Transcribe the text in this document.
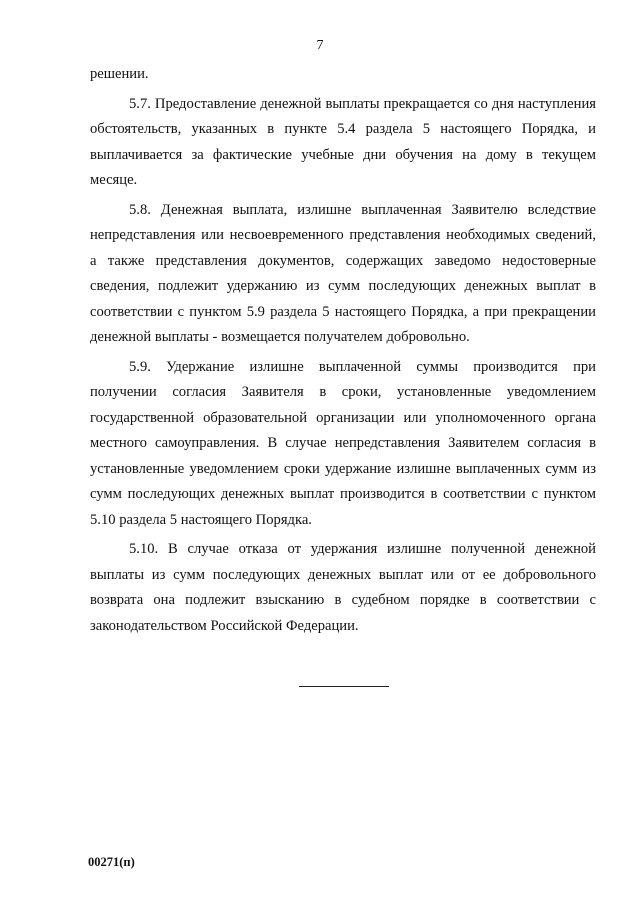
7

решении.

5.7. Предоставление денежной выплаты прекращается со дня наступления обстоятельств, указанных в пункте 5.4 раздела 5 настоящего Порядка, и выплачивается за фактические учебные дни обучения на дому в текущем месяце.

5.8. Денежная выплата, излишне выплаченная Заявителю вследствие непредставления или несвоевременного представления необходимых сведений, а также представления документов, содержащих заведомо недостоверные сведения, подлежит удержанию из сумм последующих денежных выплат в соответствии с пунктом 5.9 раздела 5 настоящего Порядка, а при прекращении денежной выплаты - возмещается получателем добровольно.

5.9. Удержание излишне выплаченной суммы производится при получении согласия Заявителя в сроки, установленные уведомлением государственной образовательной организации или уполномоченного органа местного самоуправления. В случае непредставления Заявителем согласия в установленные уведомлением сроки удержание излишне выплаченных сумм из сумм последующих денежных выплат производится в соответствии с пунктом 5.10 раздела 5 настоящего Порядка.

5.10. В случае отказа от удержания излишне полученной денежной выплаты из сумм последующих денежных выплат или от ее добровольного возврата она подлежит взысканию в судебном порядке в соответствии с законодательством Российской Федерации.

00271(п)
